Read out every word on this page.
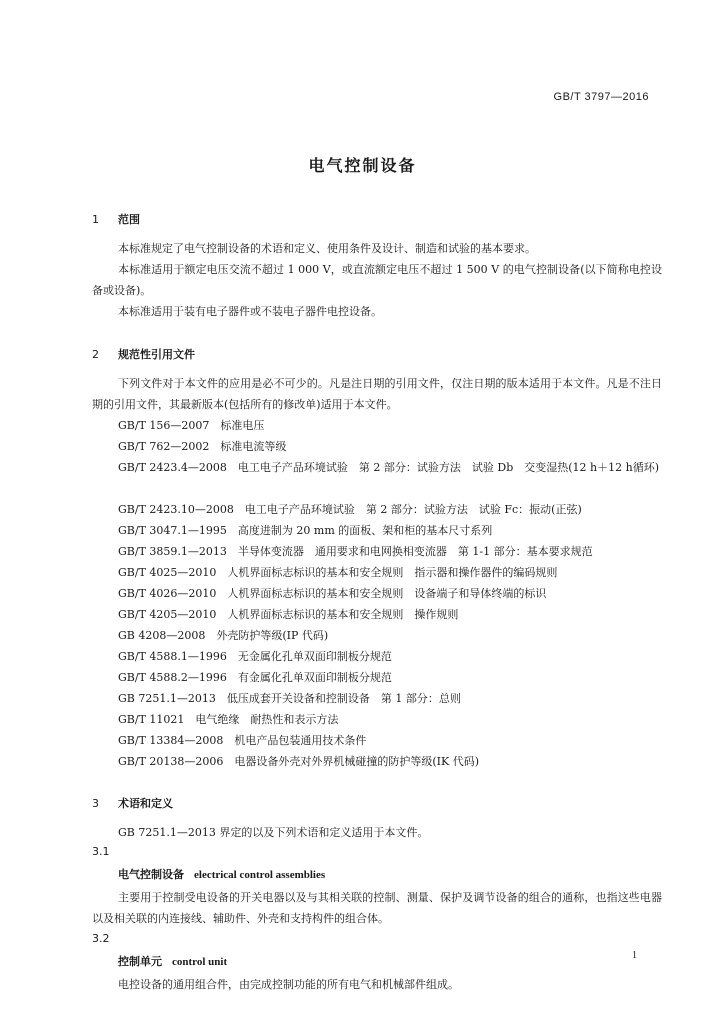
GB/T 3797—2016
电气控制设备
1 范围
本标准规定了电气控制设备的术语和定义、使用条件及设计、制造和试验的基本要求。
本标准适用于额定电压交流不超过 1 000 V，或直流额定电压不超过 1 500 V 的电气控制设备(以下简称电控设备或设备)。
本标准适用于装有电子器件或不装电子器件电控设备。
2 规范性引用文件
下列文件对于本文件的应用是必不可少的。凡是注日期的引用文件，仅注日期的版本适用于本文件。凡是不注日期的引用文件，其最新版本(包括所有的修改单)适用于本文件。
GB/T 156—2007　标准电压
GB/T 762—2002　标准电流等级
GB/T 2423.4—2008　电工电子产品环境试验　第 2 部分：试验方法　试验 Db　交变湿热(12 h＋12 h循环)
GB/T 2423.10—2008　电工电子产品环境试验　第 2 部分：试验方法　试验 Fc：振动(正弦)
GB/T 3047.1—1995　高度进制为 20 mm 的面板、架和柜的基本尺寸系列
GB/T 3859.1—2013　半导体变流器　通用要求和电网换相变流器　第 1-1 部分：基本要求规范
GB/T 4025—2010　人机界面标志标识的基本和安全规则　指示器和操作器件的编码规则
GB/T 4026—2010　人机界面标志标识的基本和安全规则　设备端子和导体终端的标识
GB/T 4205—2010　人机界面标志标识的基本和安全规则　操作规则
GB 4208—2008　外壳防护等级(IP 代码)
GB/T 4588.1—1996　无金属化孔单双面印制板分规范
GB/T 4588.2—1996　有金属化孔单双面印制板分规范
GB 7251.1—2013　低压成套开关设备和控制设备　第 1 部分：总则
GB/T 11021　电气绝缘　耐热性和表示方法
GB/T 13384—2008　机电产品包装通用技术条件
GB/T 20138—2006　电器设备外壳对外界机械碰撞的防护等级(IK 代码)
3 术语和定义
GB 7251.1—2013 界定的以及下列术语和定义适用于本文件。
3.1
电气控制设备 electrical control assemblies
主要用于控制受电设备的开关电器以及与其相关联的控制、测量、保护及调节设备的组合的通称，也指这些电器以及相关联的内连接线、辅助件、外壳和支持构件的组合体。
3.2
控制单元 control unit
电控设备的通用组合件，由完成控制功能的所有电气和机械部件组成。
1
